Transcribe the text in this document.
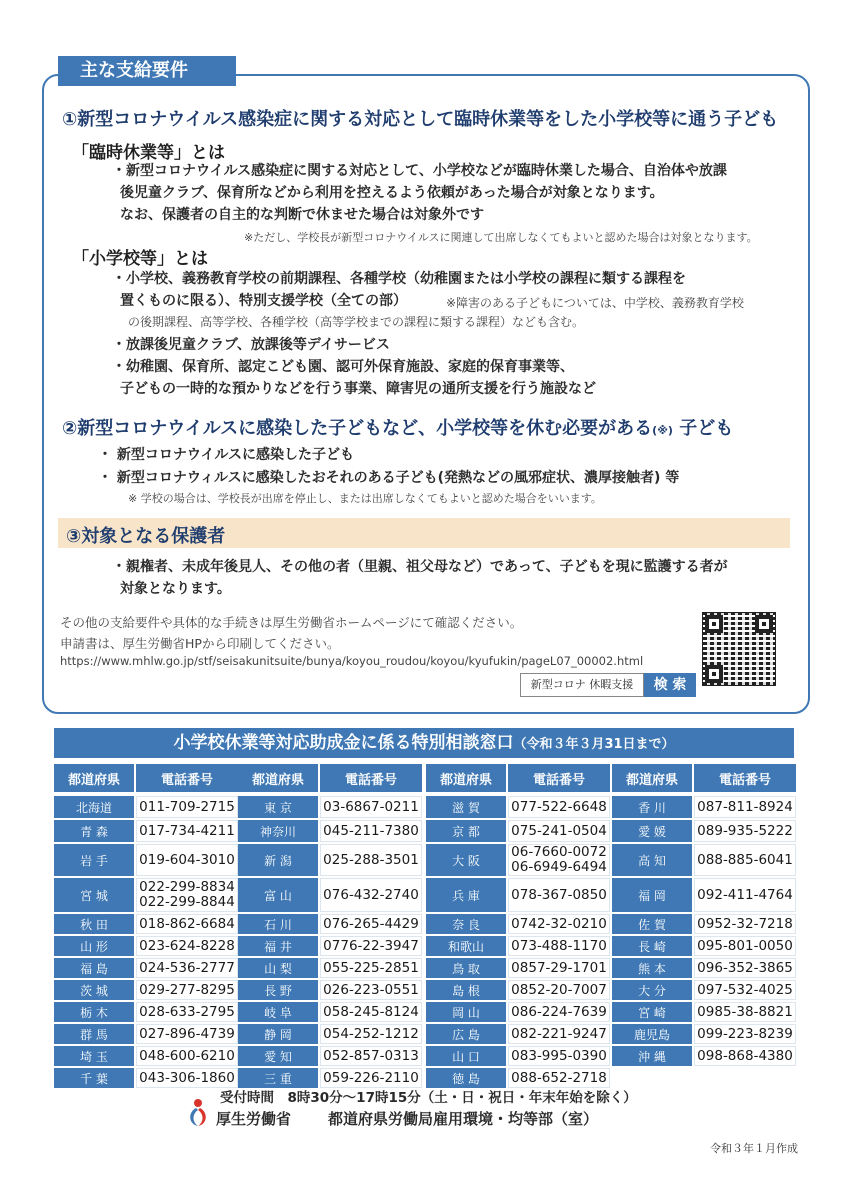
主な支給要件
①新型コロナウイルス感染症に関する対応として臨時休業等をした小学校等に通う子ども
「臨時休業等」とは
・新型コロナウイルス感染症に関する対応として、小学校などが臨時休業した場合、自治体や放課
後児童クラブ、保育所などから利用を控えるよう依頼があった場合が対象となります。
なお、保護者の自主的な判断で休ませた場合は対象外です
※ただし、学校長が新型コロナウイルスに関連して出席しなくてもよいと認めた場合は対象となります。
「小学校等」とは
・小学校、義務教育学校の前期課程、各種学校（幼稚園または小学校の課程に類する課程を
置くものに限る）、特別支援学校（全ての部）	※障害のある子どもについては、中学校、義務教育学校
の後期課程、高等学校、各種学校（高等学校までの課程に類する課程）なども含む。
・放課後児童クラブ、放課後等デイサービス
・幼稚園、保育所、認定こども園、認可外保育施設、家庭的保育事業等、
子どもの一時的な預かりなどを行う事業、障害児の通所支援を行う施設など
②新型コロナウイルスに感染した子どもなど、小学校等を休む必要がある(※) 子ども
・ 新型コロナウイルスに感染した子ども
・ 新型コロナウィルスに感染したおそれのある子ども(発熱などの風邪症状、濃厚接触者) 等
※ 学校の場合は、学校長が出席を停止し、または出席しなくてもよいと認めた場合をいいます。
③対象となる保護者
・親権者、未成年後見人、その他の者（里親、祖父母など）であって、子どもを現に監護する者が
対象となります。
その他の支給要件や具体的な手続きは厚生労働省ホームページにて確認ください。
申請書は、厚生労働省HPから印刷してください。
https://www.mhlw.go.jp/stf/seisakunitsuite/bunya/koyou_roudou/koyou/kyufukin/pageL07_00002.html
新型コロナ 休暇支援	検 索
小学校休業等対応助成金に係る特別相談窓口（令和３年３月31日まで）
都道府県	電話番号
北海道	011-709-2715
青 森	017-734-4211
岩 手	019-604-3010
宮 城
022-299-8834
022-299-8844
秋 田	018-862-6684
山 形	023-624-8228
福 島	024-536-2777
茨 城	029-277-8295
栃 木	028-633-2795
群 馬	027-896-4739
埼 玉	048-600-6210
千 葉	043-306-1860
都道府県	電話番号
東 京	03-6867-0211
神奈川	045-211-7380
新 潟	025-288-3501
富 山	076-432-2740
石 川	076-265-4429
福 井	0776-22-3947
山 梨	055-225-2851
長 野	026-223-0551
岐 阜	058-245-8124
静 岡	054-252-1212
愛 知	052-857-0313
三 重	059-226-2110
都道府県	電話番号
滋 賀	077-522-6648
京 都	075-241-0504
大 阪
06-7660-0072
06-6949-6494
兵 庫	078-367-0850
奈 良	0742-32-0210
和歌山	073-488-1170
鳥 取	0857-29-1701
島 根	0852-20-7007
岡 山	086-224-7639
広 島	082-221-9247
山 口	083-995-0390
徳 島	088-652-2718
都道府県	電話番号
香 川	087-811-8924
愛 媛	089-935-5222
高 知	088-885-6041
福 岡	092-411-4764
佐 賀	0952-32-7218
長 崎	095-801-0050
熊 本	096-352-3865
大 分	097-532-4025
宮 崎	0985-38-8821
鹿児島	099-223-8239
沖 縄	098-868-4380
受付時間　8時30分～17時15分（土・日・祝日・年末年始を除く）
厚生労働省 都道府県労働局雇用環境・均等部（室）
令和３年１月作成
